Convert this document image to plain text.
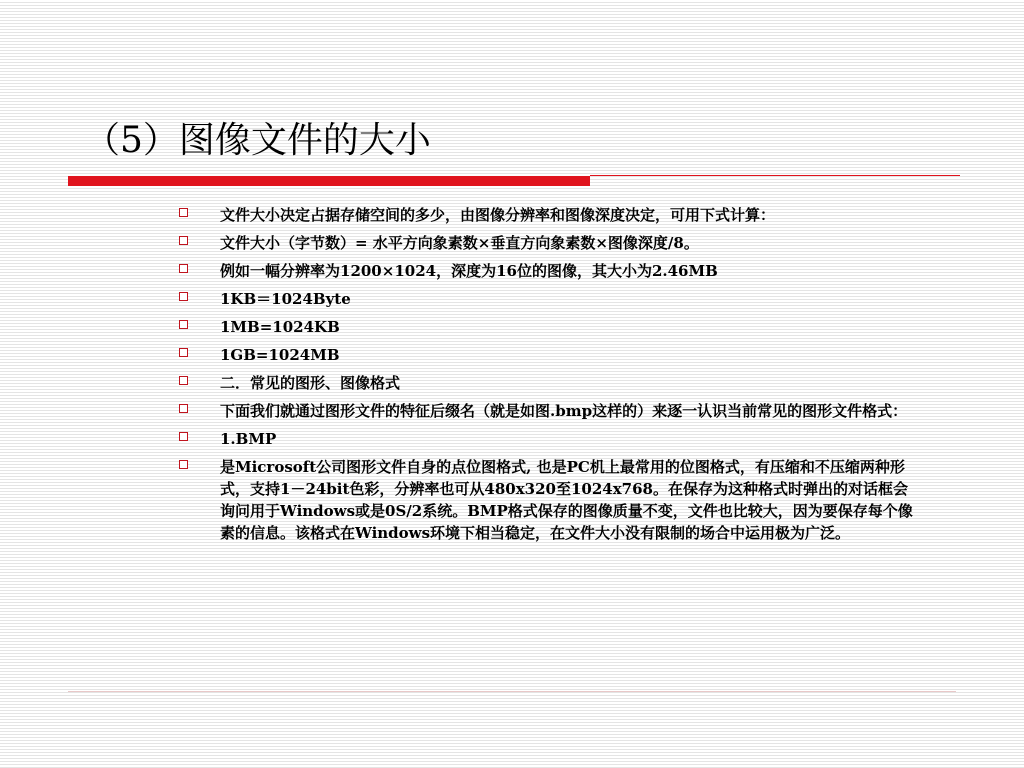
（5）图像文件的大小
文件大小决定占据存储空间的多少，由图像分辨率和图像深度决定，可用下式计算：
文件大小（字节数）= 水平方向象素数×垂直方向象素数×图像深度/8。
例如一幅分辨率为1200×1024，深度为16位的图像，其大小为2.46MB
1KB＝1024Byte
1MB=1024KB
1GB=1024MB
二．常见的图形、图像格式
下面我们就通过图形文件的特征后缀名（就是如图.bmp这样的）来逐一认识当前常见的图形文件格式：
1.BMP
是Microsoft公司图形文件自身的点位图格式, 也是PC机上最常用的位图格式，有压缩和不压缩两种形式，支持1－24bit色彩，分辨率也可从480x320至1024x768。在保存为这种格式时弹出的对话框会询问用于Windows或是0S/2系统。BMP格式保存的图像质量不变，文件也比较大，因为要保存每个像素的信息。该格式在Windows环境下相当稳定，在文件大小没有限制的场合中运用极为广泛。
